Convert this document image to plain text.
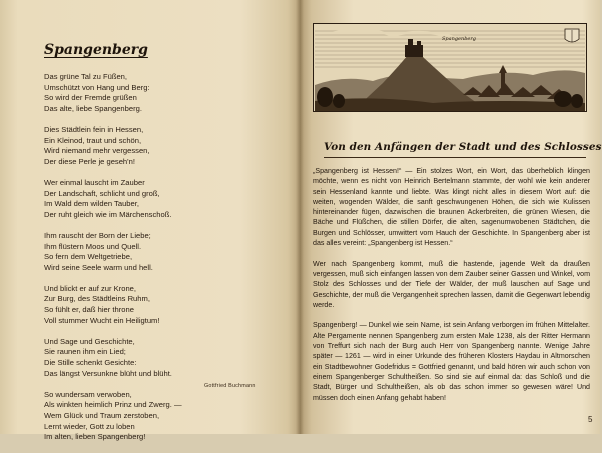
Spangenberg
Das grüne Tal zu Füßen,
Umschützt von Hang und Berg:
So wird der Fremde grüßen
Das alte, liebe Spangenberg.
Dies Städtlein fein in Hessen,
Ein Kleinod, traut und schön,
Wird niemand mehr vergessen,
Der diese Perle je geseh'n!
Wer einmal lauscht im Zauber
Der Landschaft, schlicht und groß,
Im Wald dem wilden Tauber,
Der ruht gleich wie im Märchenschoß.
Ihm rauscht der Born der Liebe;
Ihm flüstern Moos und Quell.
So fern dem Weltgetriebe,
Wird seine Seele warm und hell.
Und blickt er auf zur Krone,
Zur Burg, des Städtleins Ruhm,
So fühlt er, daß hier throne
Voll stummer Wucht ein Heiligtum!
Und Sage und Geschichte,
Sie raunen ihm ein Lied;
Die Stille schenkt Gesichte:
Das längst Versunkne blüht und blüht.
So wundersam verwoben,
Als winkten heimlich Prinz und Zwerg. —
Wem Glück und Traum zerstoben,
Lernt wieder, Gott zu loben
Im alten, lieben Spangenberg!
Gottfried Buchmann
Spangenberg
Von den Anfängen der Stadt und des Schlosses

„Spangenberg ist Hessen!“ — Ein stolzes Wort, ein Wort, das überheblich klingen möchte, wenn es nicht von Heinrich Bertelmann stammte, der wohl wie kein anderer sein Hessenland kannte und liebte. Was klingt nicht alles in diesem Wort auf: die weiten, wogenden Wälder, die sanft geschwungenen Höhen, die sich wie Kulissen hintereinander fügen, dazwischen die braunen Ackerbreiten, die grünen Wiesen, die Bäche und Flüßchen, die stillen Dörfer, die alten, sagenumwobenen Städtchen, die Burgen und Schlösser, umwittert vom Hauch der Geschichte. In Spangenberg aber ist das alles vereint: „Spangenberg ist Hessen.“

Wer nach Spangenberg kommt, muß die hastende, jagende Welt da draußen vergessen, muß sich einfangen lassen von dem Zauber seiner Gassen und Winkel, vom Stolz des Schlosses und der Tiefe der Wälder, der muß lauschen auf Sage und Geschichte, der muß die Vergangenheit sprechen lassen, damit die Gegenwart lebendig werde.

Spangenberg! — Dunkel wie sein Name, ist sein Anfang verborgen im frühen Mittelalter. Alte Pergamente nennen Spangenberg zum ersten Male 1238, als der Ritter Hermann von Treffurt sich nach der Burg auch Herr von Spangenberg nannte. Wenige Jahre später — 1261 — wird in einer Urkunde des früheren Klosters Haydau in Altmorschen ein Stadtbewohner Godefridus = Gottfried genannt, und bald hören wir auch schon von einem Spangenberger Schultheißen. So sind sie auf einmal da: das Schloß und die Stadt, Bürger und Schultheißen, als ob das schon immer so gewesen wäre! Und müssen doch einen Anfang gehabt haben!

5
